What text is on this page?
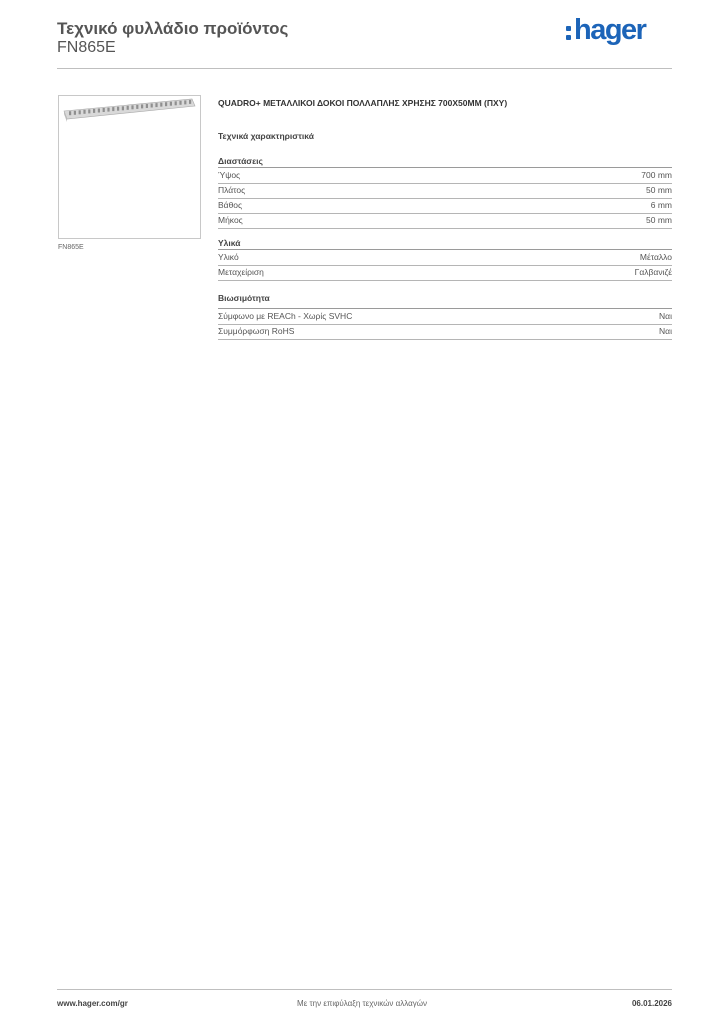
Τεχνικό φυλλάδιο προϊόντος
FN865E
hager
FN865E
QUADRO+ ΜΕΤΑΛΛΙΚΟΙ ΔΟΚΟΙ ΠΟΛΛΑΠΛΗΣ ΧΡΗΣΗΣ 700X50MM (ΠΧΥ)
Τεχνικά χαρακτηριστικά
Διαστάσεις
Ύψος	700 mm
Πλάτος	50 mm
Βάθος	6 mm
Μήκος	50 mm
Υλικά
Υλικό	Μέταλλο
Μεταχείριση	Γαλβανιζέ
Βιωσιμότητα
Σύμφωνο με REACh - Χωρίς SVHC	Ναι
Συμμόρφωση RoHS	Ναι
Με την επιφύλαξη τεχνικών αλλαγών
www.hager.com/gr	06.01.2026
